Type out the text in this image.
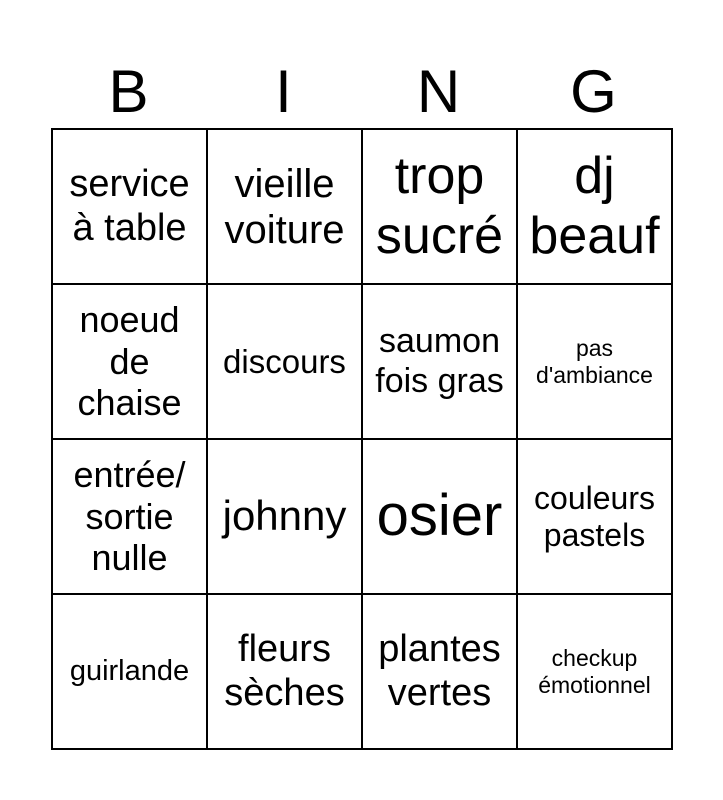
B	I	N	G
service à table	vieille voiture	trop sucré	dj beauf
noeud de chaise	discours	saumon fois gras	pas d'ambiance
entrée/ sortie nulle	johnny	osier	couleurs pastels
guirlande	fleurs sèches	plantes vertes	checkup émotionnel
